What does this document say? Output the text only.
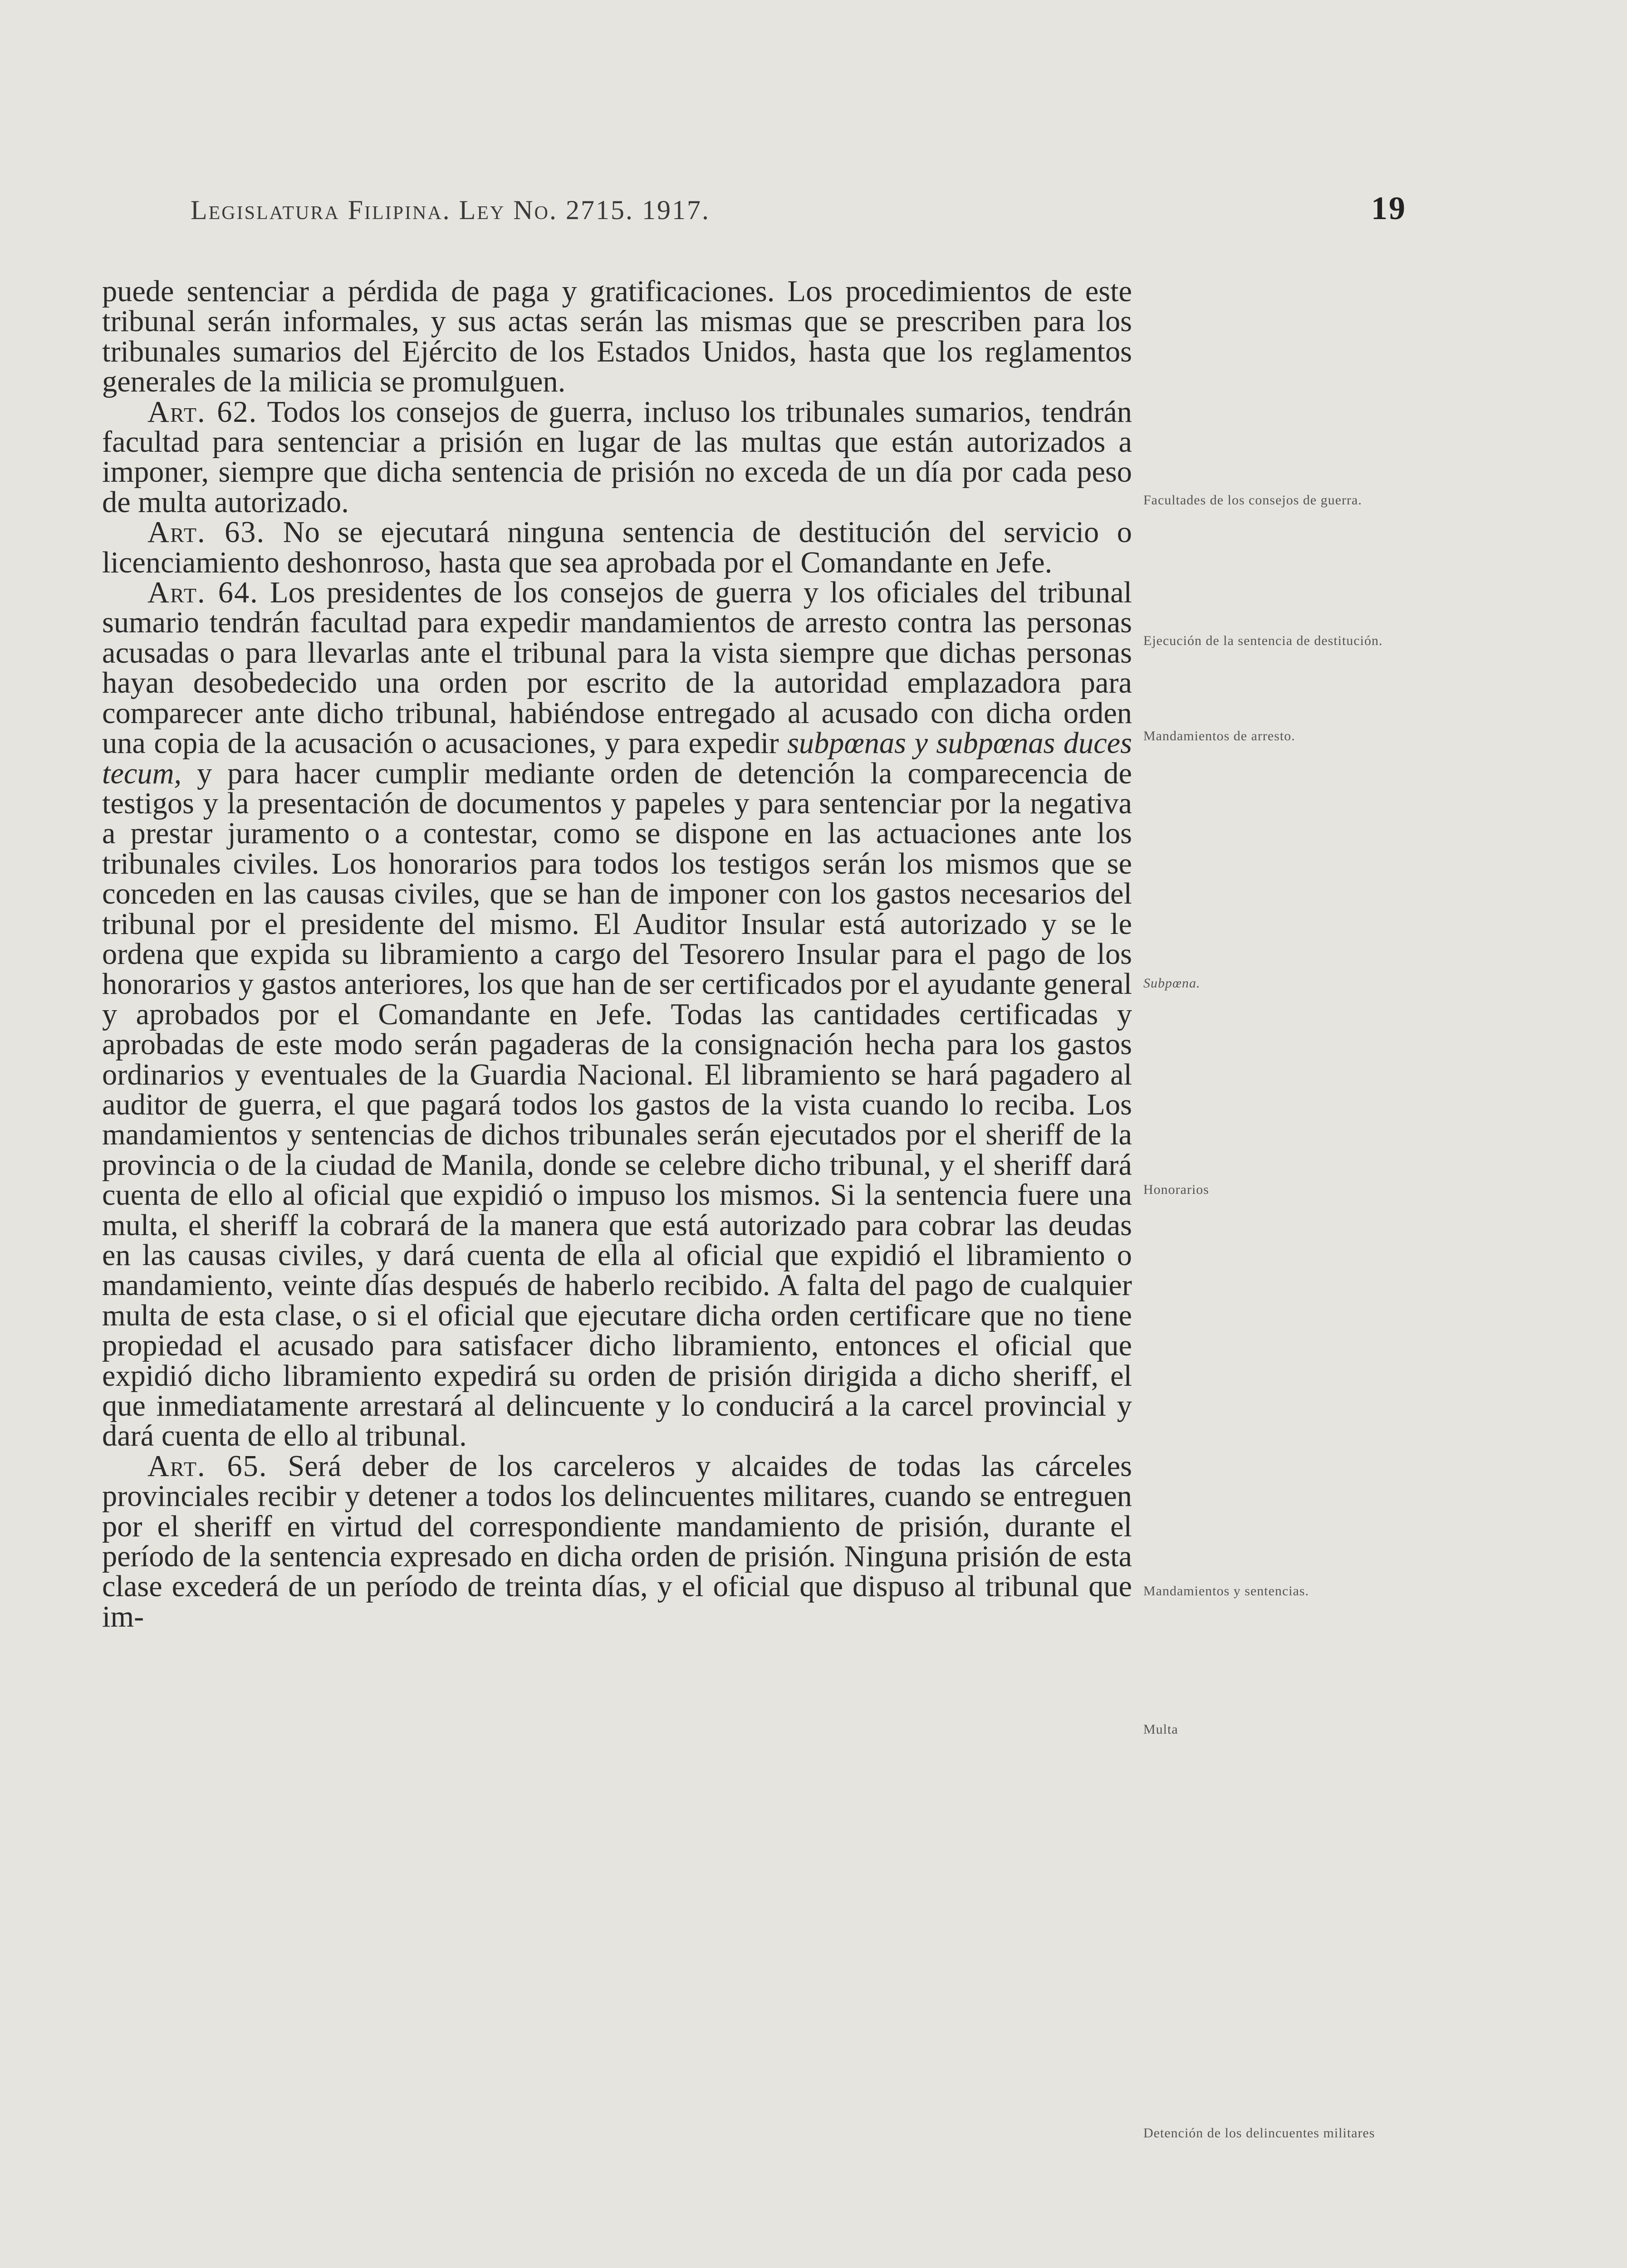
Legislatura Filipina. Ley No. 2715. 1917.	19

puede sentenciar a pérdida de paga y gratificaciones. Los procedimientos de este tribunal serán informales, y sus actas serán las mismas que se prescriben para los tribunales sumarios del Ejército de los Estados Unidos, hasta que los reglamentos generales de la milicia se promulguen.

Art. 62. Todos los consejos de guerra, incluso los tribunales sumarios, tendrán facultad para sentenciar a prisión en lugar de las multas que están autorizados a imponer, siempre que dicha sentencia de prisión no exceda de un día por cada peso de multa autorizado.

Art. 63. No se ejecutará ninguna sentencia de destitución del servicio o licenciamiento deshonroso, hasta que sea aprobada por el Comandante en Jefe.

Art. 64. Los presidentes de los consejos de guerra y los oficiales del tribunal sumario tendrán facultad para expedir mandamientos de arresto contra las personas acusadas o para llevarlas ante el tribunal para la vista siempre que dichas personas hayan desobedecido una orden por escrito de la autoridad emplazadora para comparecer ante dicho tribunal, habiéndose entregado al acusado con dicha orden una copia de la acusación o acusaciones, y para expedir subpœnas y subpœnas duces tecum, y para hacer cumplir mediante orden de detención la comparecencia de testigos y la presentación de documentos y papeles y para sentenciar por la negativa a prestar juramento o a contestar, como se dispone en las actuaciones ante los tribunales civiles. Los honorarios para todos los testigos serán los mismos que se conceden en las causas civiles, que se han de imponer con los gastos necesarios del tribunal por el presidente del mismo. El Auditor Insular está autorizado y se le ordena que expida su libramiento a cargo del Tesorero Insular para el pago de los honorarios y gastos anteriores, los que han de ser certificados por el ayudante general y aprobados por el Comandante en Jefe. Todas las cantidades certificadas y aprobadas de este modo serán pagaderas de la consignación hecha para los gastos ordinarios y eventuales de la Guardia Nacional. El libramiento se hará pagadero al auditor de guerra, el que pagará todos los gastos de la vista cuando lo reciba. Los mandamientos y sentencias de dichos tribunales serán ejecutados por el sheriff de la provincia o de la ciudad de Manila, donde se celebre dicho tribunal, y el sheriff dará cuenta de ello al oficial que expidió o impuso los mismos. Si la sentencia fuere una multa, el sheriff la cobrará de la manera que está autorizado para cobrar las deudas en las causas civiles, y dará cuenta de ella al oficial que expidió el libramiento o mandamiento, veinte días después de haberlo recibido. A falta del pago de cualquier multa de esta clase, o si el oficial que ejecutare dicha orden certificare que no tiene propiedad el acusado para satisfacer dicho libramiento, entonces el oficial que expidió dicho libramiento expedirá su orden de prisión dirigida a dicho sheriff, el que inmediatamente arrestará al delincuente y lo conducirá a la carcel provincial y dará cuenta de ello al tribunal.

Art. 65. Será deber de los carceleros y alcaides de todas las cárceles provinciales recibir y detener a todos los delincuentes militares, cuando se entreguen por el sheriff en virtud del correspondiente mandamiento de prisión, durante el período de la sentencia expresado en dicha orden de prisión. Ninguna prisión de esta clase excederá de un período de treinta días, y el oficial que dispuso al tribunal que im-

Facultades de los consejos de guerra.
Ejecución de la sentencia de destitución.
Mandamientos de arresto.
Subpœna.
Honorarios
Mandamientos y sentencias.
Multa
Detención de los delincuentes militares
